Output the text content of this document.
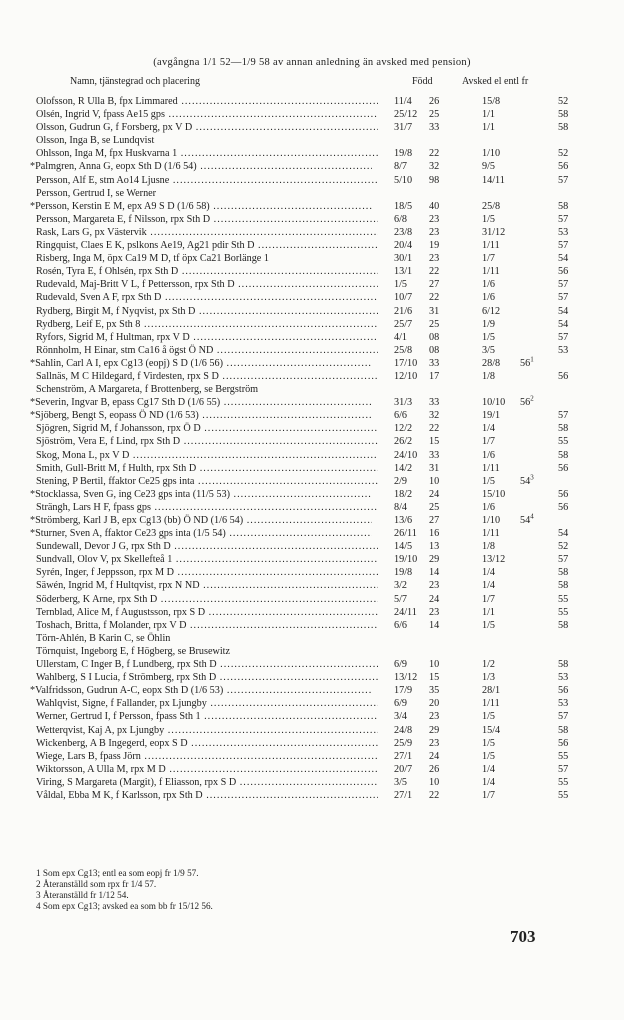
(avgångna 1/1 52—1/9 58 av annan anledning än avsked med pension)
Namn, tjänstegrad och placering	Född	Avsked el entl fr
Olofsson, R Ulla B, fpx Limmared .....	11/4 26	15/8	52
Olsén, Ingrid V, fpass Ae15 gps .....	25/12 25	1/1	58
Olsson, Gudrun G, f Forsberg, px V D .....	31/7 33	1/1	58
Olsson, Inga B, se Lundqvist
Ohlsson, Inga M, fpx Huskvarna 1 .....	19/8 22	1/10	52
*Palmgren, Anna G, eopx Sth D (1/6 54) .....	8/7 32	9/5	56
Persson, Alf E, stm Ao14 Ljusne .....	5/10 98	14/11	57
Persson, Gertrud I, se Werner
*Persson, Kerstin E M, epx A9 S D (1/6 58) .....	18/5 40	25/8	58
Persson, Margareta E, f Nilsson, rpx Sth D .....	6/8 23	1/5	57
Rask, Lars G, px Västervik .....	23/8 23	31/12	53
Ringquist, Claes E K, pslkons Ae19, Ag21 pdir Sth D .....	20/4 19	1/11	57
Risberg, Inga M, öpx Ca19 M D, tf öpx Ca21 Borlänge 1	30/1 23	1/7	54
Rosén, Tyra E, f Ohlsén, rpx Sth D .....	13/1 22	1/11	56
Rudevald, Maj-Britt V L, f Pettersson, rpx Sth D .....	1/5 27	1/6	57
Rudevald, Sven A F, rpx Sth D .....	10/7 22	1/6	57
Rydberg, Birgit M, f Nyqvist, px Sth D .....	21/6 31	6/12	54
Rydberg, Leif E, px Sth 8 .....	25/7 25	1/9	54
Ryfors, Sigrid M, f Hultman, rpx V D .....	4/1 08	1/5	57
Rönnholm, H Einar, stm Ca16 å ögst Ö ND .....	25/8 08	3/5	53
*Sahlin, Carl A I, epx Cg13 (eopj) S D (1/6 56) .....	17/10 33	28/8 $56^1$
Sallnäs, M C Hildegard, f Virdesten, rpx S D .....	12/10 17	1/8	56
Schenström, A Margareta, f Brottenberg, se Bergström
*Severin, Ingvar B, epass Cg17 Sth D (1/6 55) .....	31/3 33	10/10 $56^2$
*Sjöberg, Bengt S, eopass Ö ND (1/6 53) .....	6/6 32	19/1	57
Sjögren, Sigrid M, f Johansson, rpx Ö D .....	12/2 22	1/4	58
Sjöström, Vera E, f Lind, rpx Sth D .....	26/2 15	1/7	55
Skog, Mona L, px V D .....	24/10 33	1/6	58
Smith, Gull-Britt M, f Hulth, rpx Sth D .....	14/2 31	1/11	56
Stening, P Bertil, ffaktor Ce25 gps inta .....	2/9 10	1/5 $54^3$
*Stocklassa, Sven G, ing Ce23 gps inta (11/5 53) .....	18/2 24	15/10	56
Strängh, Lars H F, fpass gps .....	8/4 25	1/6	56
*Strömberg, Karl J B, epx Cg13 (bb) Ö ND (1/6 54) .....	13/6 27	1/10 $54^4$
*Sturner, Sven A, ffaktor Ce23 gps inta (1/5 54) .....	26/11 16	1/11	54
Sundewall, Devor J G, rpx Sth D .....	14/5 13	1/8	52
Sundvall, Olov V, px Skellefteå 1 .....	19/10 29	13/12	57
Syrén, Inger, f Jeppsson, rpx M D .....	19/8 14	1/4	58
Säwén, Ingrid M, f Hultqvist, rpx N ND .....	3/2 23	1/4	58
Söderberg, K Arne, rpx Sth D .....	5/7 24	1/7	55
Ternblad, Alice M, f Augustsson, rpx S D .....	24/11 23	1/1	55
Toshach, Britta, f Molander, rpx V D .....	6/6 14	1/5	58
Törn-Ahlén, B Karin C, se Öhlin
Törnquist, Ingeborg E, f Högberg, se Brusewitz
Ullerstam, C Inger B, f Lundberg, rpx Sth D .....	6/9 10	1/2	58
Wahlberg, S I Lucia, f Strömberg, rpx Sth D .....	13/12 15	1/3	53
*Valfridsson, Gudrun A-C, eopx Sth D (1/6 53) .....	17/9 35	28/1	56
Wahlqvist, Signe, f Fallander, px Ljungby .....	6/9 20	1/11	53
Werner, Gertrud I, f Persson, fpass Sth 1 .....	3/4 23	1/5	57
Wetterqvist, Kaj A, px Ljungby .....	24/8 29	15/4	58
Wickenberg, A B Ingegerd, eopx S D .....	25/9 23	1/5	56
Wiege, Lars B, fpass Jörn .....	27/1 24	1/5	55
Wiktorsson, A Ulla M, rpx M D .....	20/7 26	1/4	57
Viring, S Margareta (Margit), f Eliasson, rpx S D .....	3/5 10	1/4	55
Våldal, Ebba M K, f Karlsson, rpx Sth D .....	27/1 22	1/7	55
1 Som epx Cg13; entl ea som eopj fr 1/9 57.
2 Återanställd som rpx fr 1/4 57.
3 Återanställd fr 1/12 54.
4 Som epx Cg13; avsked ea som bb fr 15/12 56.
703
